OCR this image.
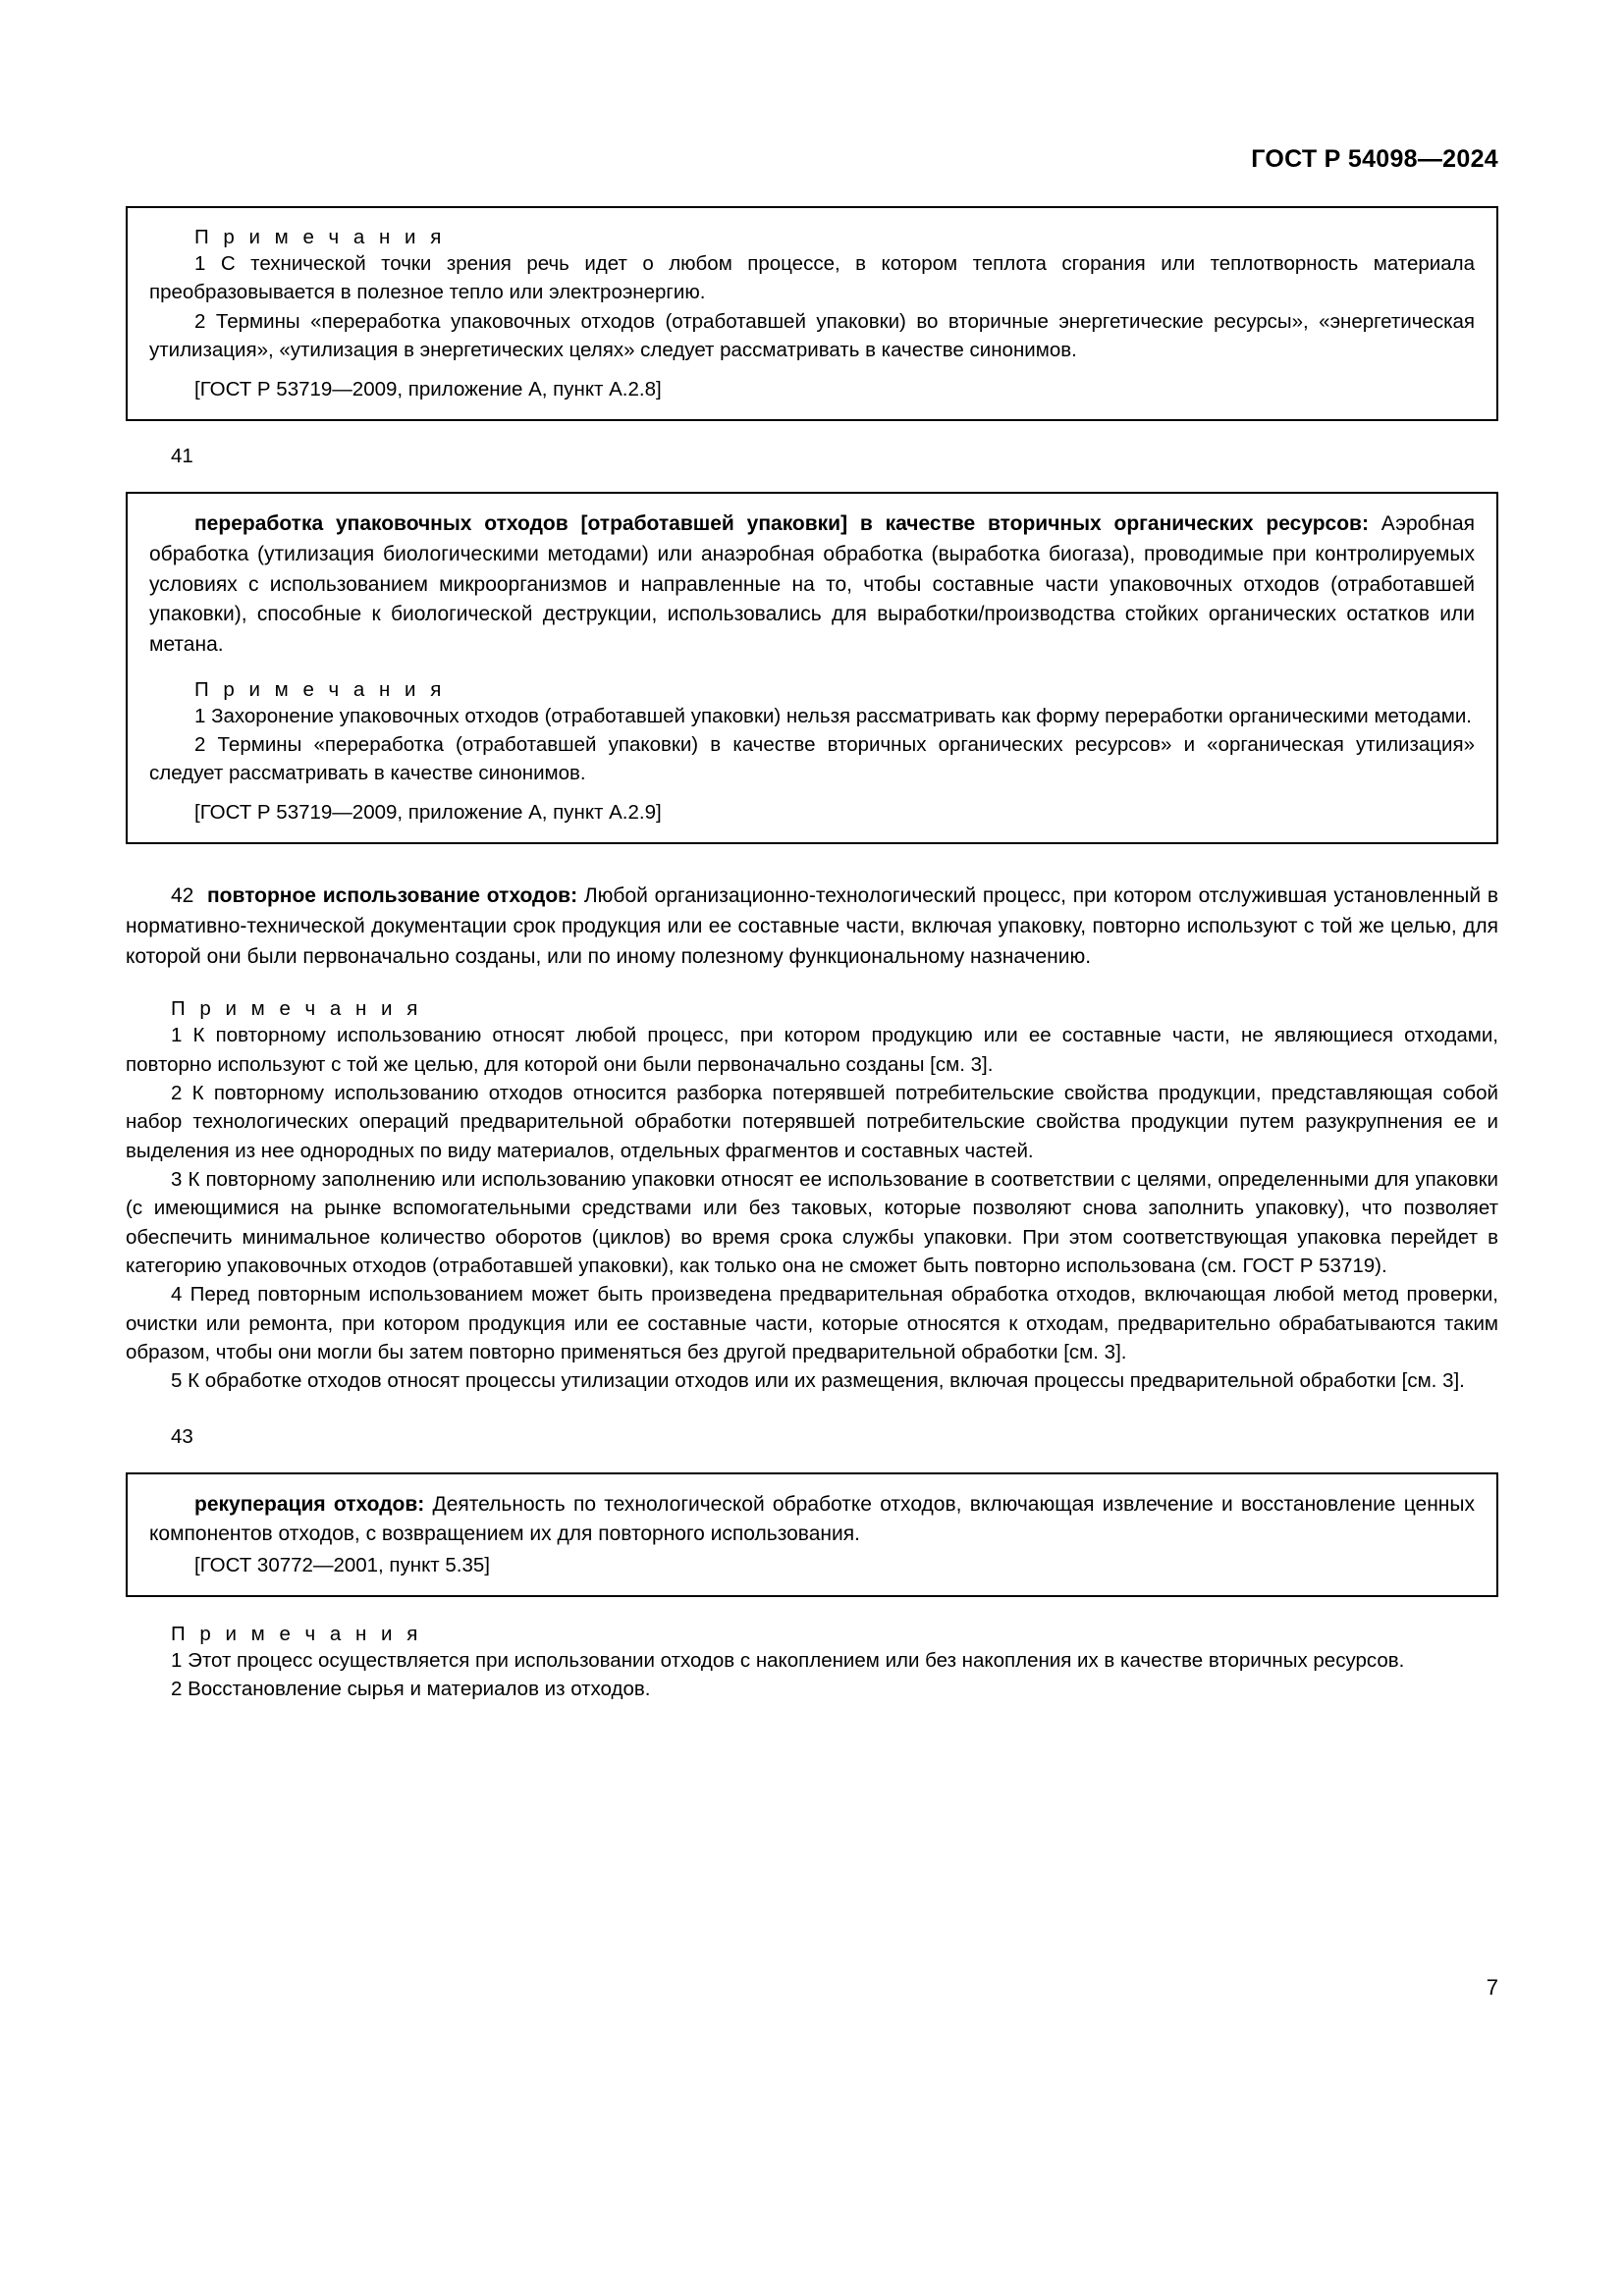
ГОСТ Р 54098—2024

П р и м е ч а н и я

1 С технической точки зрения речь идет о любом процессе, в котором теплота сгорания или теплотворность материала преобразовывается в полезное тепло или электроэнергию.

2 Термины «переработка упаковочных отходов (отработавшей упаковки) во вторичные энергетические ресурсы», «энергетическая утилизация», «утилизация в энергетических целях» следует рассматривать в качестве синонимов.

[ГОСТ Р 53719—2009, приложение А, пункт А.2.8]

41

переработка упаковочных отходов [отработавшей упаковки] в качестве вторичных органических ресурсов: Аэробная обработка (утилизация биологическими методами) или анаэробная обработка (выработка биогаза), проводимые при контролируемых условиях с использованием микроорганизмов и направленные на то, чтобы составные части упаковочных отходов (отработавшей упаковки), способные к биологической деструкции, использовались для выработки/производства стойких органических остатков или метана.

П р и м е ч а н и я

1 Захоронение упаковочных отходов (отработавшей упаковки) нельзя рассматривать как форму переработки органическими методами.

2 Термины «переработка (отработавшей упаковки) в качестве вторичных органических ресурсов» и «органическая утилизация» следует рассматривать в качестве синонимов.

[ГОСТ Р 53719—2009, приложение А, пункт А.2.9]

42 повторное использование отходов: Любой организационно-технологический процесс, при котором отслужившая установленный в нормативно-технической документации срок продукция или ее составные части, включая упаковку, повторно используют с той же целью, для которой они были первоначально созданы, или по иному полезному функциональному назначению.

П р и м е ч а н и я

1 К повторному использованию относят любой процесс, при котором продукцию или ее составные части, не являющиеся отходами, повторно используют с той же целью, для которой они были первоначально созданы [см. 3].

2 К повторному использованию отходов относится разборка потерявшей потребительские свойства продукции, представляющая собой набор технологических операций предварительной обработки потерявшей потребительские свойства продукции путем разукрупнения ее и выделения из нее однородных по виду материалов, отдельных фрагментов и составных частей.

3 К повторному заполнению или использованию упаковки относят ее использование в соответствии с целями, определенными для упаковки (с имеющимися на рынке вспомогательными средствами или без таковых, которые позволяют снова заполнить упаковку), что позволяет обеспечить минимальное количество оборотов (циклов) во время срока службы упаковки. При этом соответствующая упаковка перейдет в категорию упаковочных отходов (отработавшей упаковки), как только она не сможет быть повторно использована (см. ГОСТ Р 53719).

4 Перед повторным использованием может быть произведена предварительная обработка отходов, включающая любой метод проверки, очистки или ремонта, при котором продукция или ее составные части, которые относятся к отходам, предварительно обрабатываются таким образом, чтобы они могли бы затем повторно применяться без другой предварительной обработки [см. 3].

5 К обработке отходов относят процессы утилизации отходов или их размещения, включая процессы предварительной обработки [см. 3].

43

рекуперация отходов: Деятельность по технологической обработке отходов, включающая извлечение и восстановление ценных компонентов отходов, с возвращением их для повторного использования.

[ГОСТ 30772—2001, пункт 5.35]

П р и м е ч а н и я

1 Этот процесс осуществляется при использовании отходов с накоплением или без накопления их в качестве вторичных ресурсов.

2 Восстановление сырья и материалов из отходов.

7
